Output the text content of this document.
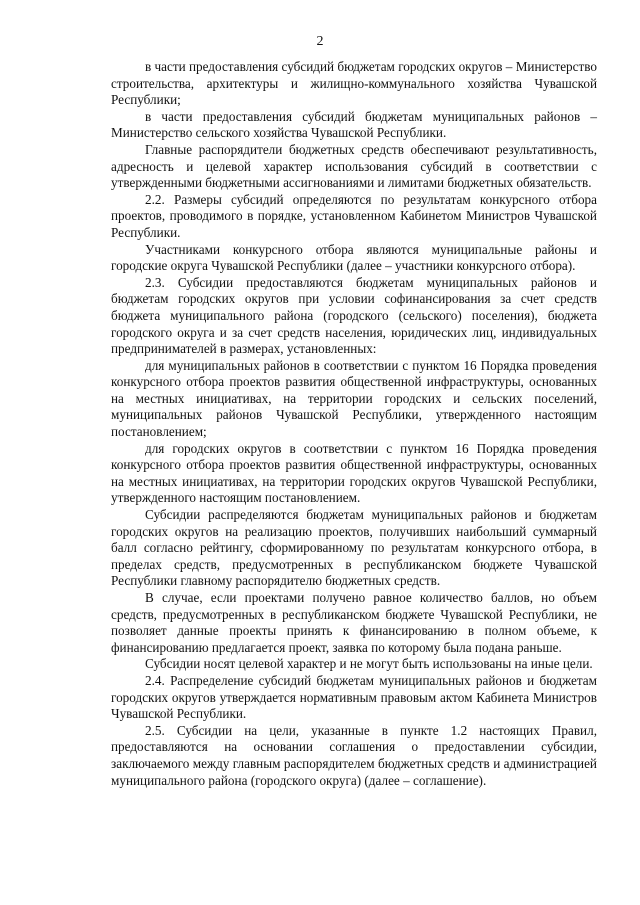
2

в части предоставления субсидий бюджетам городских округов – Министерство строительства, архитектуры и жилищно-коммунального хозяйства Чувашской Республики;

в части предоставления субсидий бюджетам муниципальных районов – Министерство сельского хозяйства Чувашской Республики.

Главные распорядители бюджетных средств обеспечивают результативность, адресность и целевой характер использования субсидий в соответствии с утвержденными бюджетными ассигнованиями и лимитами бюджетных обязательств.

2.2. Размеры субсидий определяются по результатам конкурсного отбора проектов, проводимого в порядке, установленном Кабинетом Министров Чувашской Республики.

Участниками конкурсного отбора являются муниципальные районы и городские округа Чувашской Республики (далее – участники конкурсного отбора).

2.3. Субсидии предоставляются бюджетам муниципальных районов и бюджетам городских округов при условии софинансирования за счет средств бюджета муниципального района (городского (сельского) поселения), бюджета городского округа и за счет средств населения, юридических лиц, индивидуальных предпринимателей в размерах, установленных:

для муниципальных районов в соответствии с пунктом 16 Порядка проведения конкурсного отбора проектов развития общественной инфраструктуры, основанных на местных инициативах, на территории городских и сельских поселений, муниципальных районов Чувашской Республики, утвержденного настоящим постановлением;

для городских округов в соответствии с пунктом 16 Порядка проведения конкурсного отбора проектов развития общественной инфраструктуры, основанных на местных инициативах, на территории городских округов Чувашской Республики, утвержденного настоящим постановлением.

Субсидии распределяются бюджетам муниципальных районов и бюджетам городских округов на реализацию проектов, получивших наибольший суммарный балл согласно рейтингу, сформированному по результатам конкурсного отбора, в пределах средств, предусмотренных в республиканском бюджете Чувашской Республики главному распорядителю бюджетных средств.

В случае, если проектами получено равное количество баллов, но объем средств, предусмотренных в республиканском бюджете Чувашской Республики, не позволяет данные проекты принять к финансированию в полном объеме, к финансированию предлагается проект, заявка по которому была подана раньше.

Субсидии носят целевой характер и не могут быть использованы на иные цели.

2.4. Распределение субсидий бюджетам муниципальных районов и бюджетам городских округов утверждается нормативным правовым актом Кабинета Министров Чувашской Республики.

2.5. Субсидии на цели, указанные в пункте 1.2 настоящих Правил, предоставляются на основании соглашения о предоставлении субсидии, заключаемого между главным распорядителем бюджетных средств и администрацией муниципального района (городского округа) (далее – соглашение).
